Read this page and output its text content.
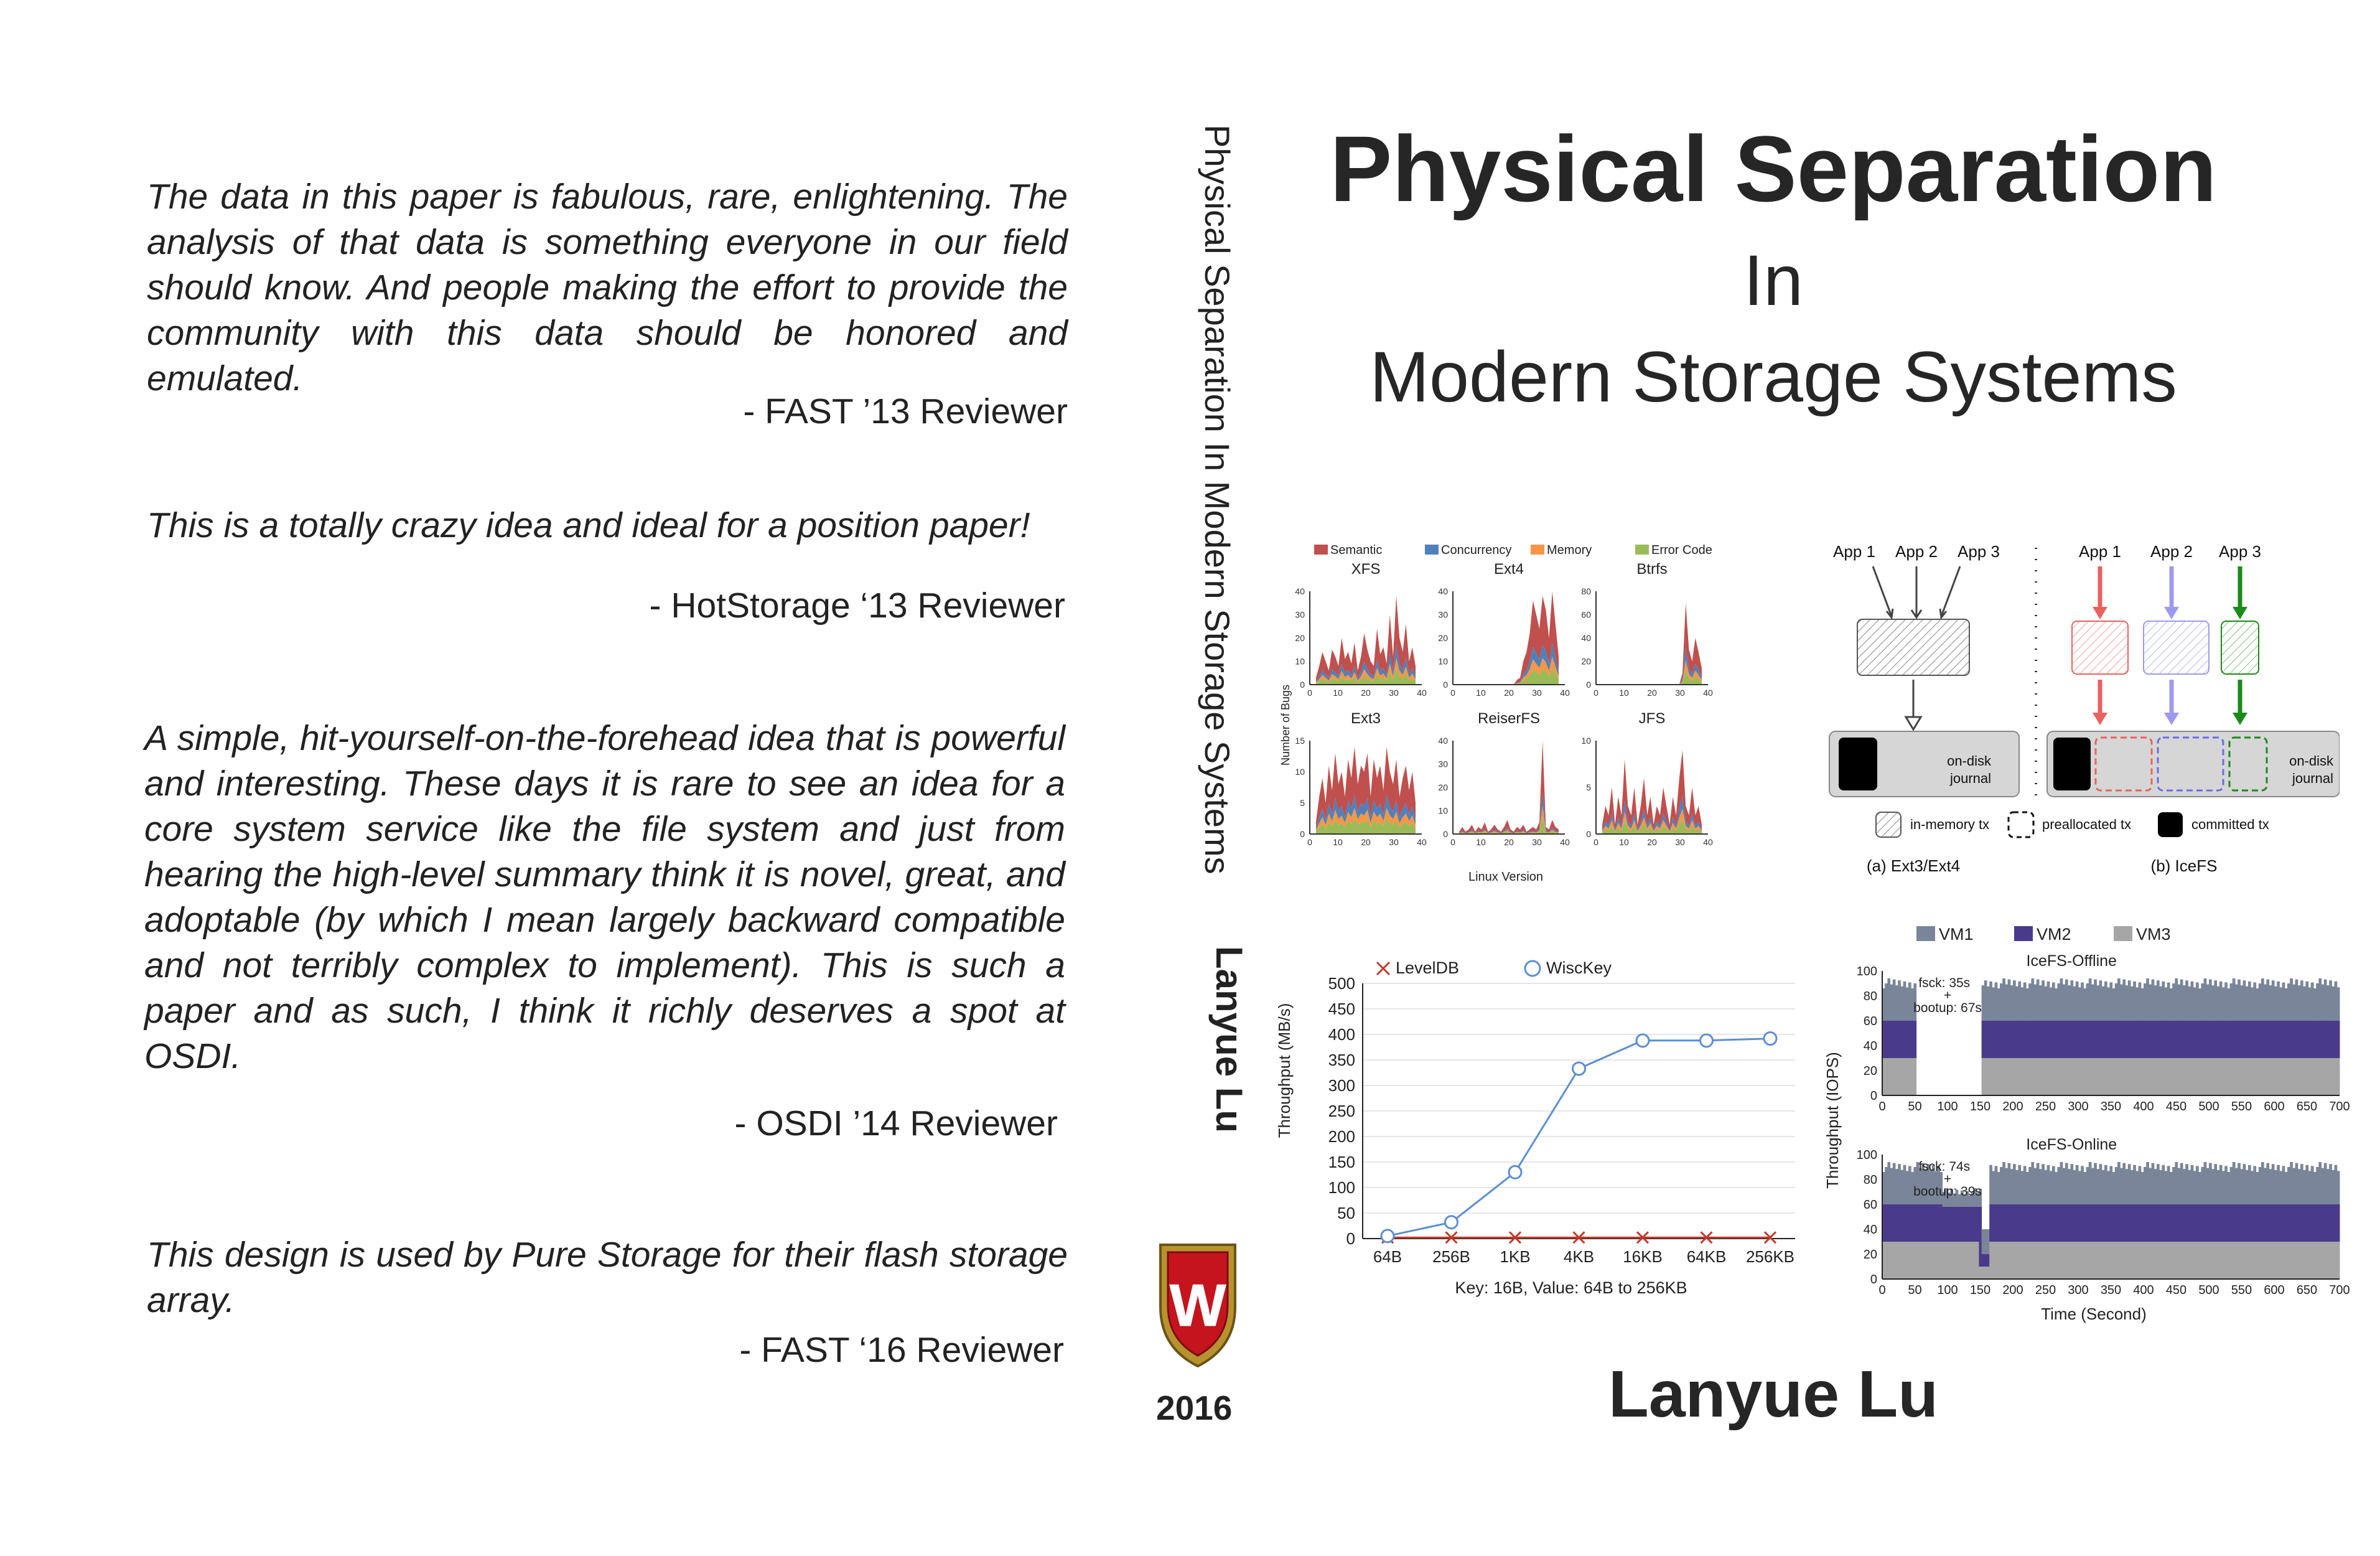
The data in this paper is fabulous, rare, enlightening. The analysis of that data is something everyone in our field should know. And people making the effort to provide the community with this data should be honored and emulated.
- FAST ’13 Reviewer
This is a totally crazy idea and ideal for a position paper!
- HotStorage ‘13 Reviewer
A simple, hit-yourself-on-the-forehead idea that is powerful and interesting. These days it is rare to see an idea for a core system service like the file system and just from hearing the high-level summary think it is novel, great, and adoptable (by which I mean largely backward compatible and not terribly complex to implement). This is such a paper and as such, I think it richly deserves a spot at OSDI.
- OSDI ’14 Reviewer
This design is used by Pure Storage for their flash storage array.
- FAST ‘16 Reviewer
Physical Separation In Modern Storage Systems
Lanyue Lu
W
2016
Physical Separation
In
Modern Storage Systems
Semantic	Concurrency	Memory	Error Code
Number of Bugs
Linux Version
XFS
0
10
20
30
40
0 10 20 30 40
Ext4
0
10
20
30
40
0 10 20 30 40
Btrfs
0
20
40
60
80
0 10 20 30 40
Ext3
0
5
10
15
0 10 20 30 40
ReiserFS
0
10
20
30
40
0 10 20 30 40
JFS
0
5
10
0 10 20 30 40
App 1 App 2 App 3
on-disk
journal
App 1 App 2 App 3
on-disk
journal
in-memory tx	preallocated tx	committed tx
(a) Ext3/Ext4	(b) IceFS
0
50
100
150
200
250
300
350
400
450
500
64B 256B 1KB 4KB 16KB 64KB 256KB
Throughput (MB/s)
Key: 16B, Value: 64B to 256KB
LevelDB	WiscKey
VM1	VM2	VM3
0
20
40
60
80
100
0 50 100 150 200 250 300 350 400 450 500 550 600 650 700
IceFS-Offline
fsck: 35s
+
bootup: 67s
0
20
40
60
80
100
0 50 100 150 200 250 300 350 400 450 500 550 600 650 700
IceFS-Online
fsck: 74s
+
bootup: 39s
Throughput (IOPS)
Time (Second)
Lanyue Lu
